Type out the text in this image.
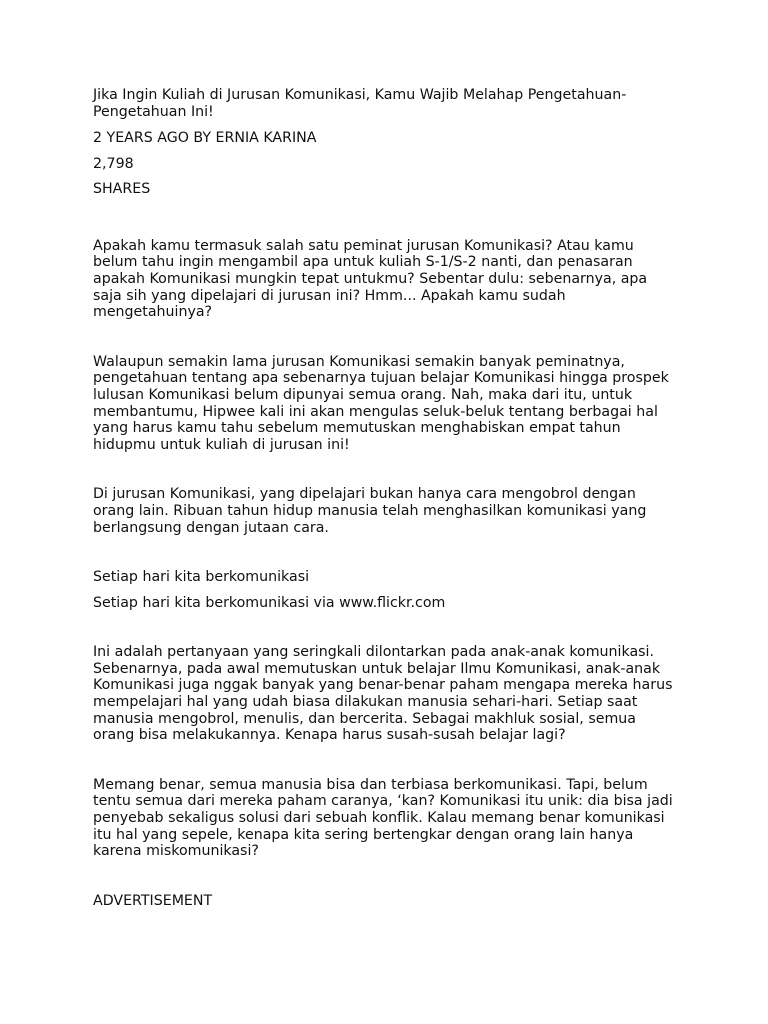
Jika Ingin Kuliah di Jurusan Komunikasi, Kamu Wajib Melahap Pengetahuan-

Pengetahuan Ini!

2 YEARS AGO BY ERNIA KARINA

2,798

SHARES

Apakah kamu termasuk salah satu peminat jurusan Komunikasi? Atau kamu

belum tahu ingin mengambil apa untuk kuliah S-1/S-2 nanti, dan penasaran

apakah Komunikasi mungkin tepat untukmu? Sebentar dulu: sebenarnya, apa

saja sih yang dipelajari di jurusan ini? Hmm... Apakah kamu sudah

mengetahuinya?

Walaupun semakin lama jurusan Komunikasi semakin banyak peminatnya,

pengetahuan tentang apa sebenarnya tujuan belajar Komunikasi hingga prospek

lulusan Komunikasi belum dipunyai semua orang. Nah, maka dari itu, untuk

membantumu, Hipwee kali ini akan mengulas seluk-beluk tentang berbagai hal

yang harus kamu tahu sebelum memutuskan menghabiskan empat tahun

hidupmu untuk kuliah di jurusan ini!

Di jurusan Komunikasi, yang dipelajari bukan hanya cara mengobrol dengan

orang lain. Ribuan tahun hidup manusia telah menghasilkan komunikasi yang

berlangsung dengan jutaan cara.

Setiap hari kita berkomunikasi

Setiap hari kita berkomunikasi via www.flickr.com

Ini adalah pertanyaan yang seringkali dilontarkan pada anak-anak komunikasi.

Sebenarnya, pada awal memutuskan untuk belajar Ilmu Komunikasi, anak-anak

Komunikasi juga nggak banyak yang benar-benar paham mengapa mereka harus

mempelajari hal yang udah biasa dilakukan manusia sehari-hari. Setiap saat

manusia mengobrol, menulis, dan bercerita. Sebagai makhluk sosial, semua

orang bisa melakukannya. Kenapa harus susah-susah belajar lagi?

Memang benar, semua manusia bisa dan terbiasa berkomunikasi. Tapi, belum

tentu semua dari mereka paham caranya, ‘kan? Komunikasi itu unik: dia bisa jadi

penyebab sekaligus solusi dari sebuah konflik. Kalau memang benar komunikasi

itu hal yang sepele, kenapa kita sering bertengkar dengan orang lain hanya

karena miskomunikasi?

ADVERTISEMENT
